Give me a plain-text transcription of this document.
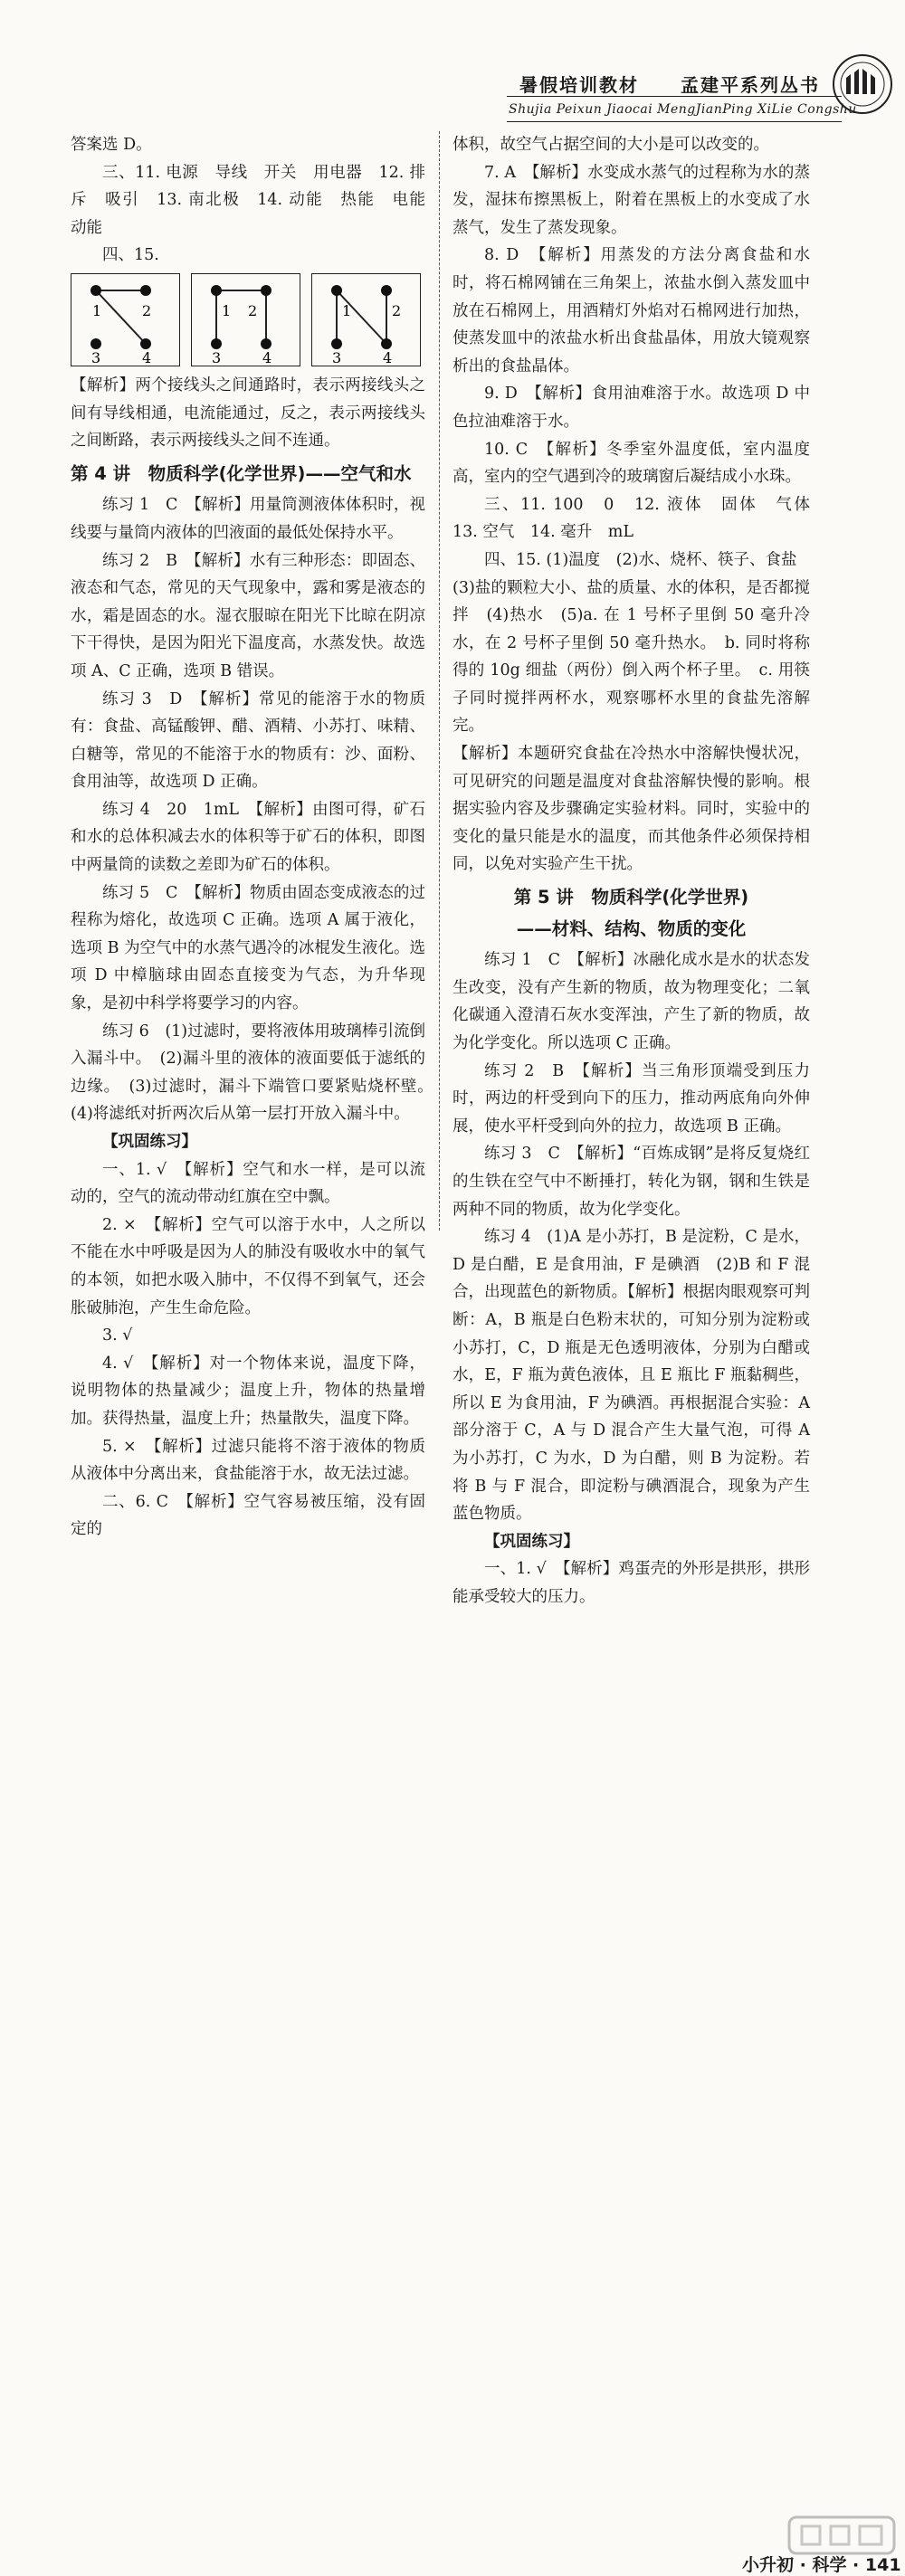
暑假培训教材 孟建平系列丛书
Shujia Peixun Jiaocai MengJianPing XiLie Congshu

答案选 D。

三、11. 电源　导线　开关　用电器　12. 排斥　吸引　13. 南北极　14. 动能　热能　电能　动能

四、15.

1	2
3	4
1 2
3	4
1	2
3	4

【解析】两个接线头之间通路时，表示两接线头之间有导线相通，电流能通过，反之，表示两接线头之间断路，表示两接线头之间不连通。

第 4 讲　物质科学(化学世界)——空气和水

练习 1　C　【解析】用量筒测液体体积时，视线要与量筒内液体的凹液面的最低处保持水平。

练习 2　B　【解析】水有三种形态：即固态、液态和气态，常见的天气现象中，露和雾是液态的水，霜是固态的水。湿衣服晾在阳光下比晾在阴凉下干得快，是因为阳光下温度高，水蒸发快。故选项 A、C 正确，选项 B 错误。

练习 3　D　【解析】常见的能溶于水的物质有：食盐、高锰酸钾、醋、酒精、小苏打、味精、白糖等，常见的不能溶于水的物质有：沙、面粉、食用油等，故选项 D 正确。

练习 4　20　1mL　【解析】由图可得，矿石和水的总体积减去水的体积等于矿石的体积，即图中两量筒的读数之差即为矿石的体积。

练习 5　C　【解析】物质由固态变成液态的过程称为熔化，故选项 C 正确。选项 A 属于液化，选项 B 为空气中的水蒸气遇冷的冰棍发生液化。选项 D 中樟脑球由固态直接变为气态，为升华现象，是初中科学将要学习的内容。

练习 6　(1)过滤时，要将液体用玻璃棒引流倒入漏斗中。　(2)漏斗里的液体的液面要低于滤纸的边缘。　(3)过滤时，漏斗下端管口要紧贴烧杯壁。　(4)将滤纸对折两次后从第一层打开放入漏斗中。

【巩固练习】

一、1. √　【解析】空气和水一样，是可以流动的，空气的流动带动红旗在空中飘。

2. ×　【解析】空气可以溶于水中，人之所以不能在水中呼吸是因为人的肺没有吸收水中的氧气的本领，如把水吸入肺中，不仅得不到氧气，还会胀破肺泡，产生生命危险。

3. √

4. √　【解析】对一个物体来说，温度下降，说明物体的热量减少；温度上升，物体的热量增加。获得热量，温度上升；热量散失，温度下降。

5. ×　【解析】过滤只能将不溶于液体的物质从液体中分离出来，食盐能溶于水，故无法过滤。

二、6. C　【解析】空气容易被压缩，没有固定的

体积，故空气占据空间的大小是可以改变的。

7. A　【解析】水变成水蒸气的过程称为水的蒸发，湿抹布擦黑板上，附着在黑板上的水变成了水蒸气，发生了蒸发现象。

8. D　【解析】用蒸发的方法分离食盐和水时，将石棉网铺在三角架上，浓盐水倒入蒸发皿中放在石棉网上，用酒精灯外焰对石棉网进行加热，使蒸发皿中的浓盐水析出食盐晶体，用放大镜观察析出的食盐晶体。

9. D　【解析】食用油难溶于水。故选项 D 中色拉油难溶于水。

10. C　【解析】冬季室外温度低，室内温度高，室内的空气遇到冷的玻璃窗后凝结成小水珠。

三、11. 100　0　12. 液体　固体　气体　13. 空气　14. 毫升　mL

四、15. (1)温度　(2)水、烧杯、筷子、食盐

(3)盐的颗粒大小、盐的质量、水的体积，是否都搅拌　(4)热水　(5)a. 在 1 号杯子里倒 50 毫升冷水，在 2 号杯子里倒 50 毫升热水。　b. 同时将称得的 10g 细盐（两份）倒入两个杯子里。　c. 用筷子同时搅拌两杯水，观察哪杯水里的食盐先溶解完。

【解析】本题研究食盐在冷热水中溶解快慢状况，可见研究的问题是温度对食盐溶解快慢的影响。根据实验内容及步骤确定实验材料。同时，实验中的变化的量只能是水的温度，而其他条件必须保持相同，以免对实验产生干扰。

第 5 讲　物质科学(化学世界)
——材料、结构、物质的变化

练习 1　C　【解析】冰融化成水是水的状态发生改变，没有产生新的物质，故为物理变化；二氧化碳通入澄清石灰水变浑浊，产生了新的物质，故为化学变化。所以选项 C 正确。

练习 2　B　【解析】当三角形顶端受到压力时，两边的杆受到向下的压力，推动两底角向外伸展，使水平杆受到向外的拉力，故选项 B 正确。

练习 3　C　【解析】“百炼成钢”是将反复烧红的生铁在空气中不断捶打，转化为钢，钢和生铁是两种不同的物质，故为化学变化。

练习 4　(1)A 是小苏打，B 是淀粉，C 是水，D 是白醋，E 是食用油，F 是碘酒　(2)B 和 F 混合，出现蓝色的新物质。【解析】根据肉眼观察可判断：A，B 瓶是白色粉末状的，可知分别为淀粉或小苏打，C，D 瓶是无色透明液体，分别为白醋或水，E，F 瓶为黄色液体，且 E 瓶比 F 瓶黏稠些，所以 E 为食用油，F 为碘酒。再根据混合实验：A 部分溶于 C，A 与 D 混合产生大量气泡，可得 A 为小苏打，C 为水，D 为白醋，则 B 为淀粉。若将 B 与 F 混合，即淀粉与碘酒混合，现象为产生蓝色物质。

【巩固练习】

一、1. √　【解析】鸡蛋壳的外形是拱形，拱形能承受较大的压力。

小升初 · 科学 · 141
